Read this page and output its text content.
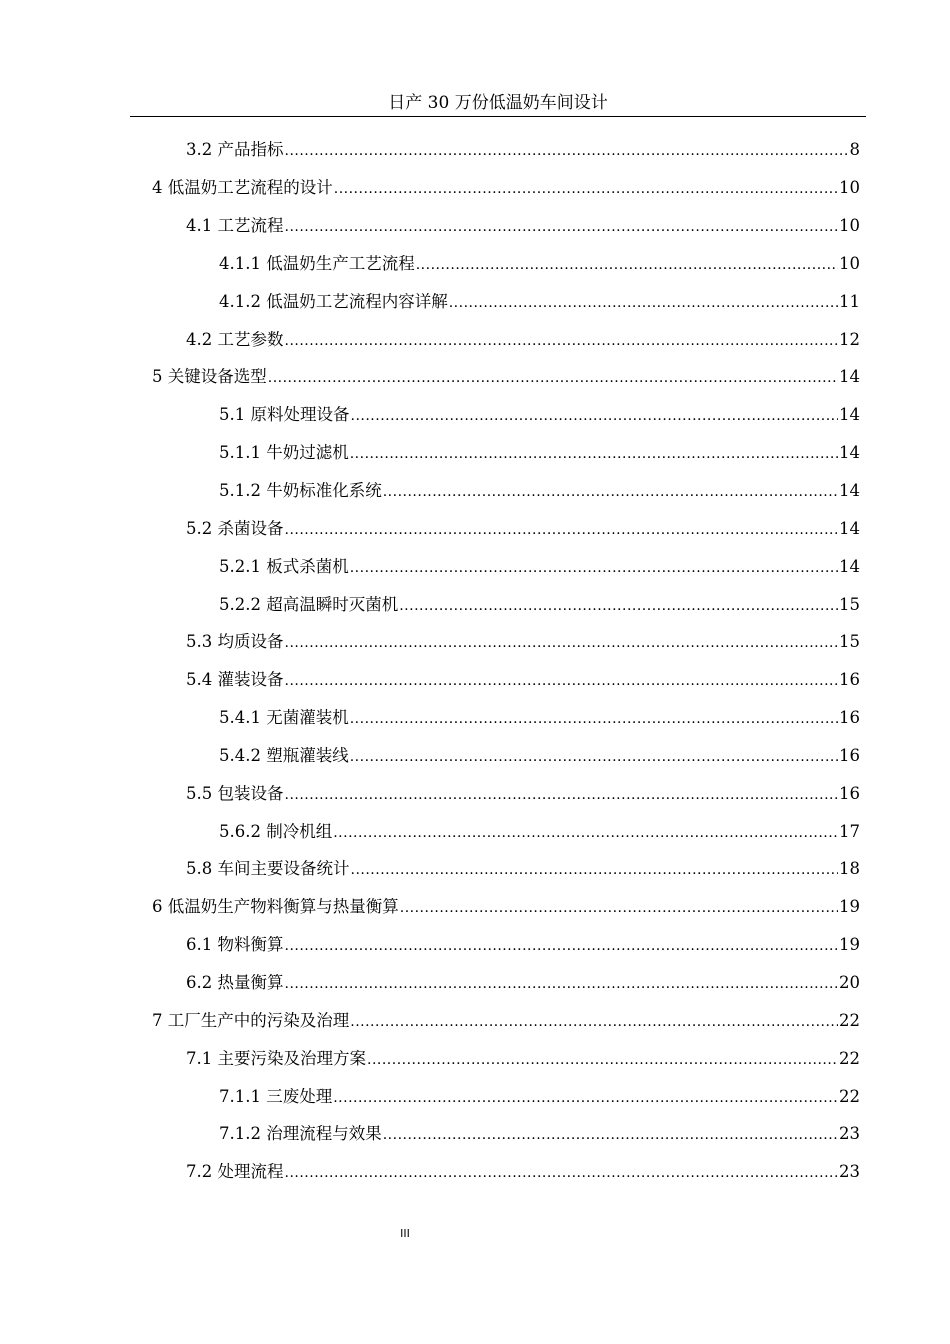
日产 30 万份低温奶车间设计
3.2 产品指标 .....	8
4 低温奶工艺流程的设计 .....	10
4.1 工艺流程 .....	10
4.1.1 低温奶生产工艺流程 .....	10
4.1.2 低温奶工艺流程内容详解 .....	11
4.2 工艺参数 .....	12
5 关键设备选型 .....	14
5.1 原料处理设备 .....	14
5.1.1 牛奶过滤机 .....	14
5.1.2 牛奶标准化系统 .....	14
5.2 杀菌设备 .....	14
5.2.1 板式杀菌机 .....	14
5.2.2 超高温瞬时灭菌机 .....	15
5.3 均质设备 .....	15
5.4 灌装设备 .....	16
5.4.1 无菌灌装机 .....	16
5.4.2 塑瓶灌装线 .....	16
5.5 包装设备 .....	16
5.6.2 制冷机组 .....	17
5.8 车间主要设备统计 .....	18
6 低温奶生产物料衡算与热量衡算 .....	19
6.1 物料衡算 .....	19
6.2 热量衡算 .....	20
7 工厂生产中的污染及治理 .....	22
7.1 主要污染及治理方案 .....	22
7.1.1 三废处理 .....	22
7.1.2 治理流程与效果 .....	23
7.2 处理流程 .....	23
III
